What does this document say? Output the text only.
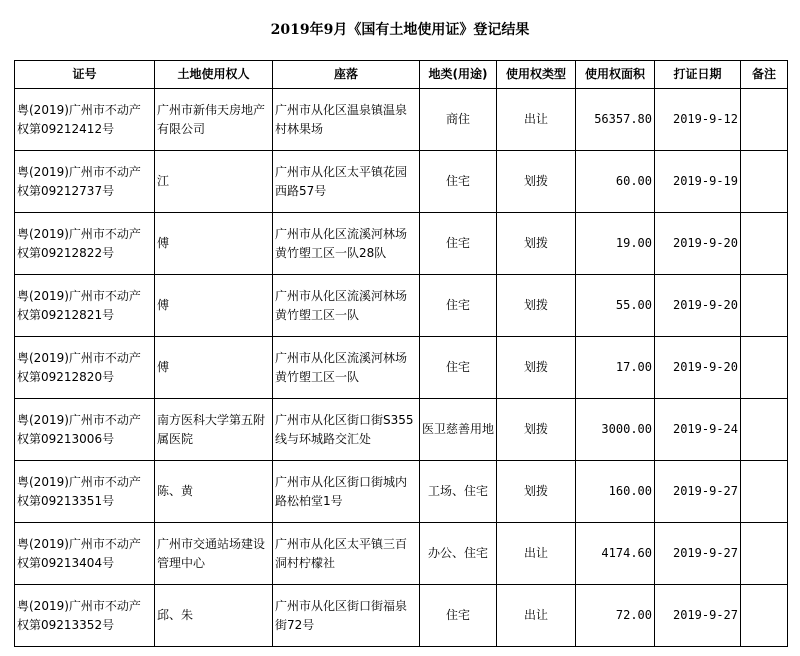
2019年9月《国有土地使用证》登记结果
证号	土地使用权人	座落	地类(用途)	使用权类型	使用权面积	打证日期	备注
粤(2019)广州市不动产权第09212412号	广州市新伟天房地产有限公司	广州市从化区温泉镇温泉村林果场	商住	出让	56357.80	2019-9-12	
粤(2019)广州市不动产权第09212737号	江	广州市从化区太平镇花园西路57号	住宅	划拨	60.00	2019-9-19	
粤(2019)广州市不动产权第09212822号	傅	广州市从化区流溪河林场黄竹塱工区一队28队	住宅	划拨	19.00	2019-9-20	
粤(2019)广州市不动产权第09212821号	傅	广州市从化区流溪河林场黄竹塱工区一队	住宅	划拨	55.00	2019-9-20	
粤(2019)广州市不动产权第09212820号	傅	广州市从化区流溪河林场黄竹塱工区一队	住宅	划拨	17.00	2019-9-20	
粤(2019)广州市不动产权第09213006号	南方医科大学第五附属医院	广州市从化区街口街S355线与环城路交汇处	医卫慈善用地	划拨	3000.00	2019-9-24	
粤(2019)广州市不动产权第09213351号	陈、黄	广州市从化区街口街城内路松柏堂1号	工场、住宅	划拨	160.00	2019-9-27	
粤(2019)广州市不动产权第09213404号	广州市交通站场建设管理中心	广州市从化区太平镇三百洞村柠檬社	办公、住宅	出让	4174.60	2019-9-27	
粤(2019)广州市不动产权第09213352号	邱、朱	广州市从化区街口街福泉街72号	住宅	出让	72.00	2019-9-27	
